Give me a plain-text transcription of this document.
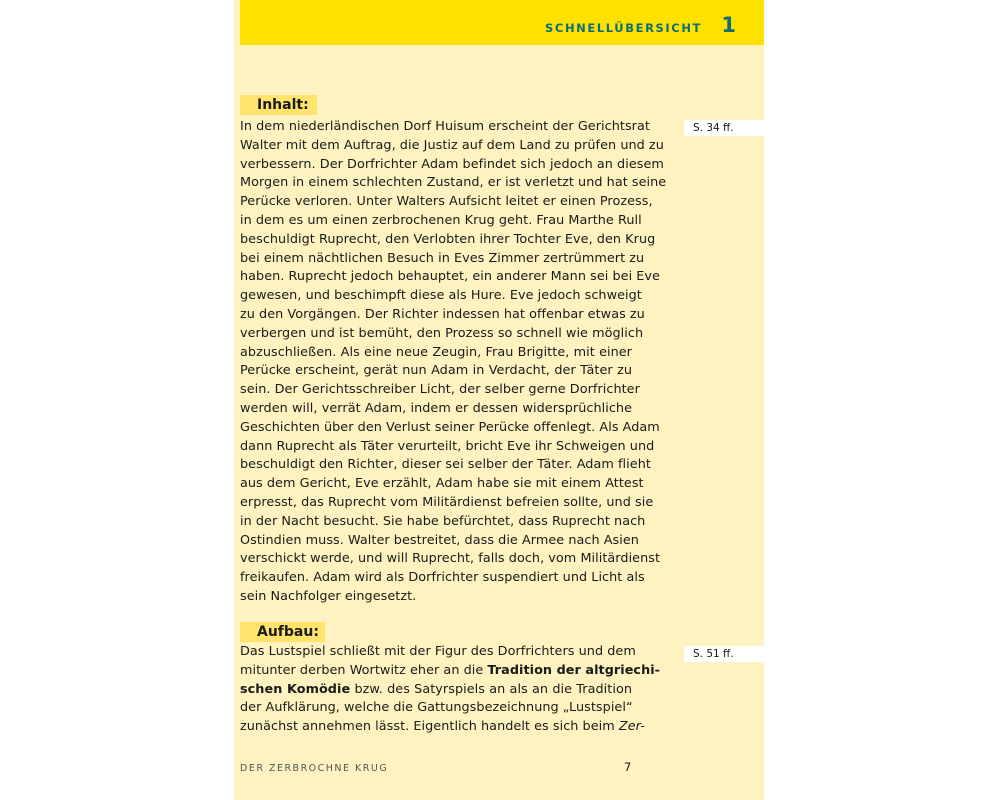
SCHNELLÜBERSICHT 1
Inhalt:
S. 34 ff.
In dem niederländischen Dorf Huisum erscheint der Gerichtsrat
Walter mit dem Auftrag, die Justiz auf dem Land zu prüfen und zu
verbessern. Der Dorfrichter Adam befindet sich jedoch an diesem
Morgen in einem schlechten Zustand, er ist verletzt und hat seine
Perücke verloren. Unter Walters Aufsicht leitet er einen Prozess,
in dem es um einen zerbrochenen Krug geht. Frau Marthe Rull
beschuldigt Ruprecht, den Verlobten ihrer Tochter Eve, den Krug
bei einem nächtlichen Besuch in Eves Zimmer zertrümmert zu
haben. Ruprecht jedoch behauptet, ein anderer Mann sei bei Eve
gewesen, und beschimpft diese als Hure. Eve jedoch schweigt
zu den Vorgängen. Der Richter indessen hat offenbar etwas zu
verbergen und ist bemüht, den Prozess so schnell wie möglich
abzuschließen. Als eine neue Zeugin, Frau Brigitte, mit einer
Perücke erscheint, gerät nun Adam in Verdacht, der Täter zu
sein. Der Gerichtsschreiber Licht, der selber gerne Dorfrichter
werden will, verrät Adam, indem er dessen widersprüchliche
Geschichten über den Verlust seiner Perücke offenlegt. Als Adam
dann Ruprecht als Täter verurteilt, bricht Eve ihr Schweigen und
beschuldigt den Richter, dieser sei selber der Täter. Adam flieht
aus dem Gericht, Eve erzählt, Adam habe sie mit einem Attest
erpresst, das Ruprecht vom Militärdienst befreien sollte, und sie
in der Nacht besucht. Sie habe befürchtet, dass Ruprecht nach
Ostindien muss. Walter bestreitet, dass die Armee nach Asien
verschickt werde, und will Ruprecht, falls doch, vom Militärdienst
freikaufen. Adam wird als Dorfrichter suspendiert und Licht als
sein Nachfolger eingesetzt.
Aufbau:
S. 51 ff.
Das Lustspiel schließt mit der Figur des Dorfrichters und dem
mitunter derben Wortwitz eher an die Tradition der altgriechi-
schen Komödie bzw. des Satyrspiels an als an die Tradition
der Aufklärung, welche die Gattungsbezeichnung „Lustspiel“
zunächst annehmen lässt. Eigentlich handelt es sich beim Zer-
DER ZERBROCHNE KRUG	7
